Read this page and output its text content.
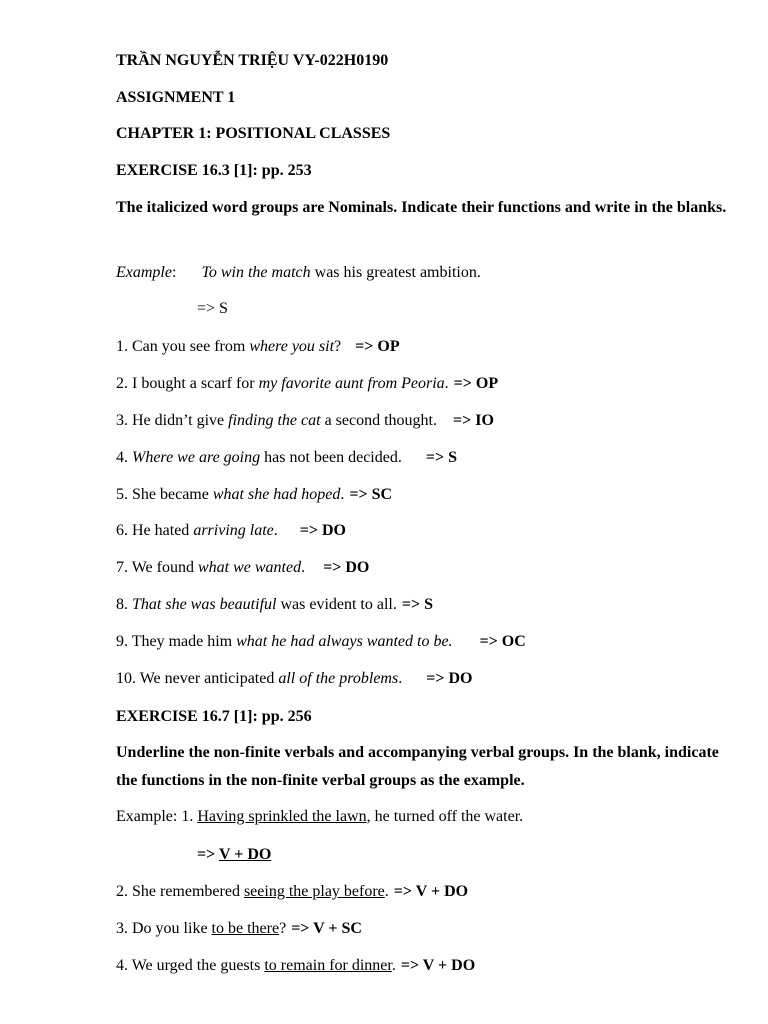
TRẦN NGUYỄN TRIỆU VY-022H0190
ASSIGNMENT 1
CHAPTER 1: POSITIONAL CLASSES
EXERCISE 16.3 [1]: pp. 253
The italicized word groups are Nominals. Indicate their functions and write in the blanks.
Example: To win the match was his greatest ambition.
=> S
1. Can you see from where you sit? => OP
2. I bought a scarf for my favorite aunt from Peoria. => OP
3. He didn’t give finding the cat a second thought. => IO
4. Where we are going has not been decided. => S
5. She became what she had hoped. => SC
6. He hated arriving late. => DO
7. We found what we wanted. => DO
8. That she was beautiful was evident to all. => S
9. They made him what he had always wanted to be. => OC
10. We never anticipated all of the problems. => DO
EXERCISE 16.7 [1]: pp. 256
Underline the non-finite verbals and accompanying verbal groups. In the blank, indicate the functions in the non-finite verbal groups as the example.
Example: 1. Having sprinkled the lawn, he turned off the water.
=> V + DO
2. She remembered seeing the play before. => V + DO
3. Do you like to be there? => V + SC
4. We urged the guests to remain for dinner. => V + DO
